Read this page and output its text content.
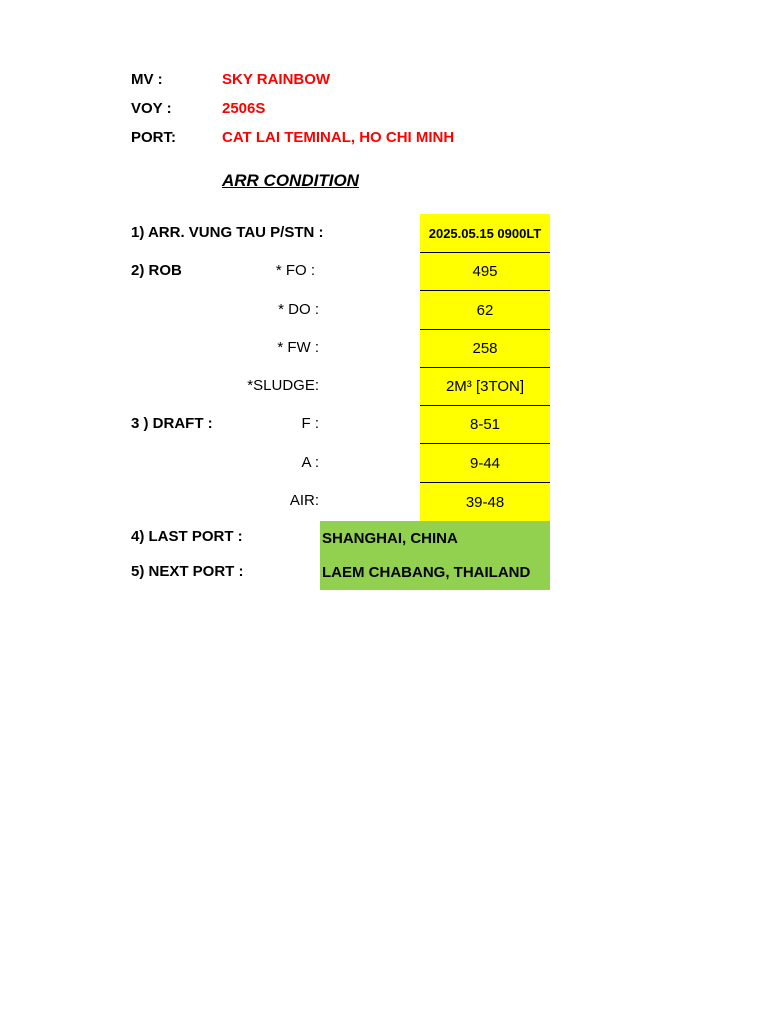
MV :	SKY RAINBOW
VOY :	2506S
PORT:	CAT LAI TEMINAL, HO CHI MINH
ARR CONDITION
1) ARR. VUNG TAU P/STN :	2025.05.15 0900LT
2) ROB	* FO :	495
* DO :	62
* FW :	258
*SLUDGE:	2M³ [3TON]
3 ) DRAFT :	F :	8-51
A :	9-44
AIR:	39-48
4) LAST PORT :	SHANGHAI, CHINA
5) NEXT PORT :	LAEM CHABANG, THAILAND
